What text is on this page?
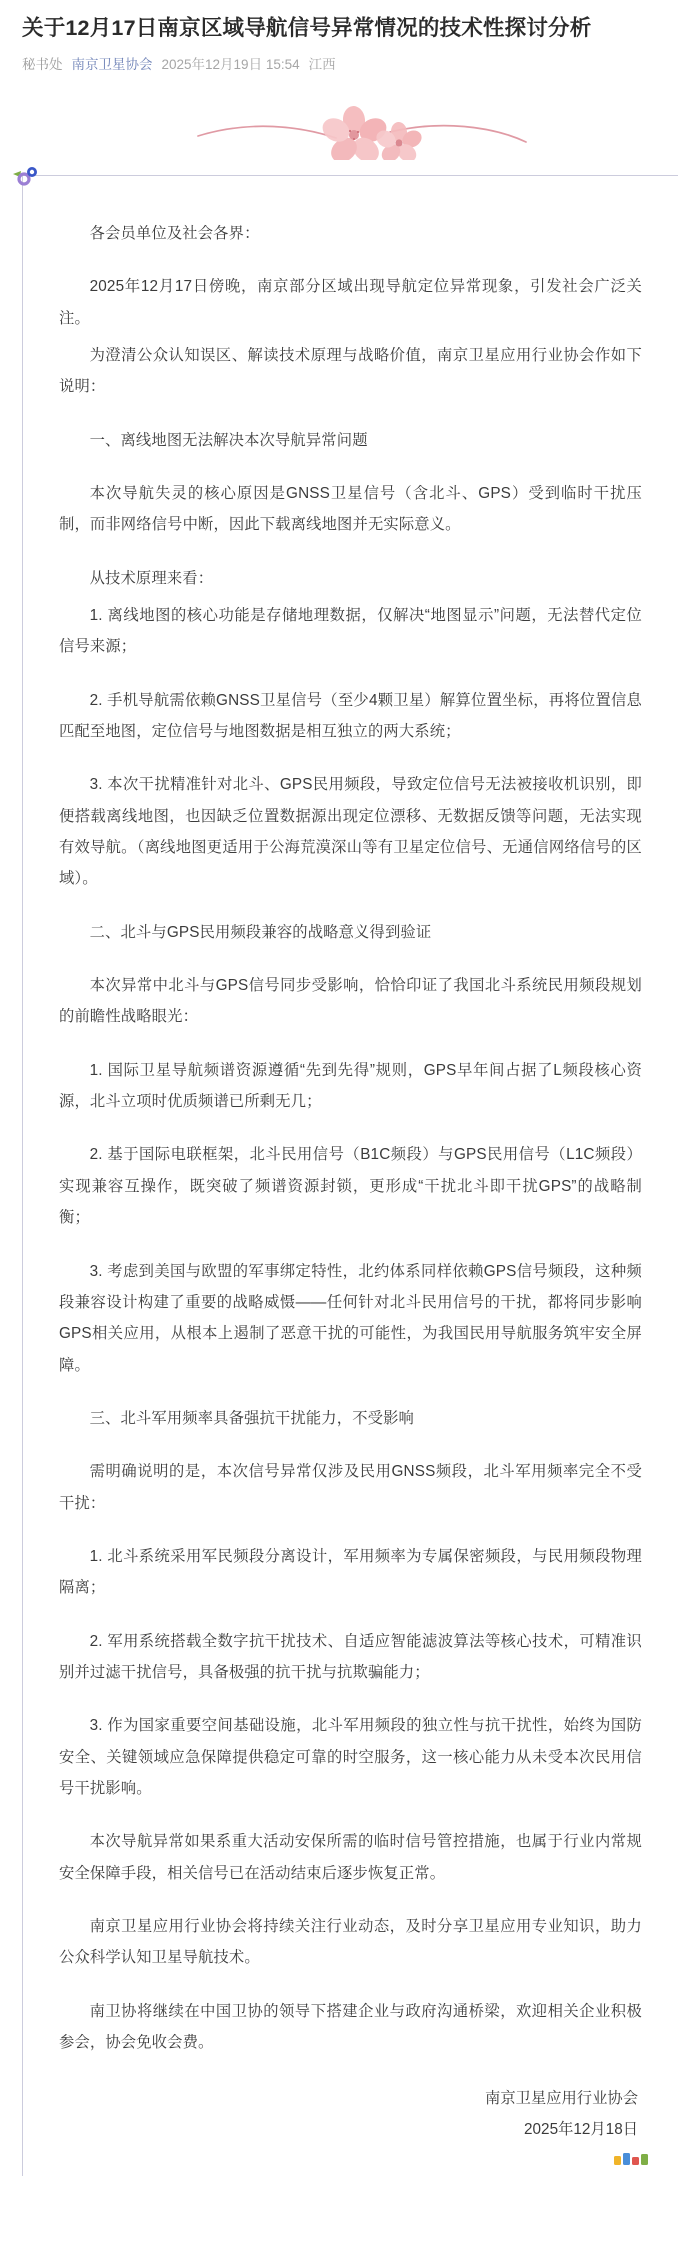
关于12月17日南京区域导航信号异常情况的技术性探讨分析
秘书处 南京卫星协会 2025年12月19日 15:54 江西

各会员单位及社会各界：

2025年12月17日傍晚，南京部分区域出现导航定位异常现象，引发社会广泛关注。

为澄清公众认知误区、解读技术原理与战略价值，南京卫星应用行业协会作如下说明：

一、离线地图无法解决本次导航异常问题

本次导航失灵的核心原因是GNSS卫星信号（含北斗、GPS）受到临时干扰压制，而非网络信号中断，因此下载离线地图并无实际意义。

从技术原理来看：

1. 离线地图的核心功能是存储地理数据，仅解决“地图显示”问题，无法替代定位信号来源；

2. 手机导航需依赖GNSS卫星信号（至少4颗卫星）解算位置坐标，再将位置信息匹配至地图，定位信号与地图数据是相互独立的两大系统；

3. 本次干扰精准针对北斗、GPS民用频段，导致定位信号无法被接收机识别，即便搭载离线地图，也因缺乏位置数据源出现定位漂移、无数据反馈等问题，无法实现有效导航。（离线地图更适用于公海荒漠深山等有卫星定位信号、无通信网络信号的区域）。

二、北斗与GPS民用频段兼容的战略意义得到验证

本次异常中北斗与GPS信号同步受影响，恰恰印证了我国北斗系统民用频段规划的前瞻性战略眼光：

1. 国际卫星导航频谱资源遵循“先到先得”规则，GPS早年间占据了L频段核心资源，北斗立项时优质频谱已所剩无几；

2. 基于国际电联框架，北斗民用信号（B1C频段）与GPS民用信号（L1C频段）实现兼容互操作，既突破了频谱资源封锁，更形成“干扰北斗即干扰GPS”的战略制衡；

3. 考虑到美国与欧盟的军事绑定特性，北约体系同样依赖GPS信号频段，这种频段兼容设计构建了重要的战略威慑——任何针对北斗民用信号的干扰，都将同步影响GPS相关应用，从根本上遏制了恶意干扰的可能性，为我国民用导航服务筑牢安全屏障。

三、北斗军用频率具备强抗干扰能力，不受影响

需明确说明的是，本次信号异常仅涉及民用GNSS频段，北斗军用频率完全不受干扰：

1. 北斗系统采用军民频段分离设计，军用频率为专属保密频段，与民用频段物理隔离；

2. 军用系统搭载全数字抗干扰技术、自适应智能滤波算法等核心技术，可精准识别并过滤干扰信号，具备极强的抗干扰与抗欺骗能力；

3. 作为国家重要空间基础设施，北斗军用频段的独立性与抗干扰性，始终为国防安全、关键领域应急保障提供稳定可靠的时空服务，这一核心能力从未受本次民用信号干扰影响。

本次导航异常如果系重大活动安保所需的临时信号管控措施，也属于行业内常规安全保障手段，相关信号已在活动结束后逐步恢复正常。

南京卫星应用行业协会将持续关注行业动态，及时分享卫星应用专业知识，助力公众科学认知卫星导航技术。

南卫协将继续在中国卫协的领导下搭建企业与政府沟通桥梁，欢迎相关企业积极参会，协会免收会费。

南京卫星应用行业协会
2025年12月18日
